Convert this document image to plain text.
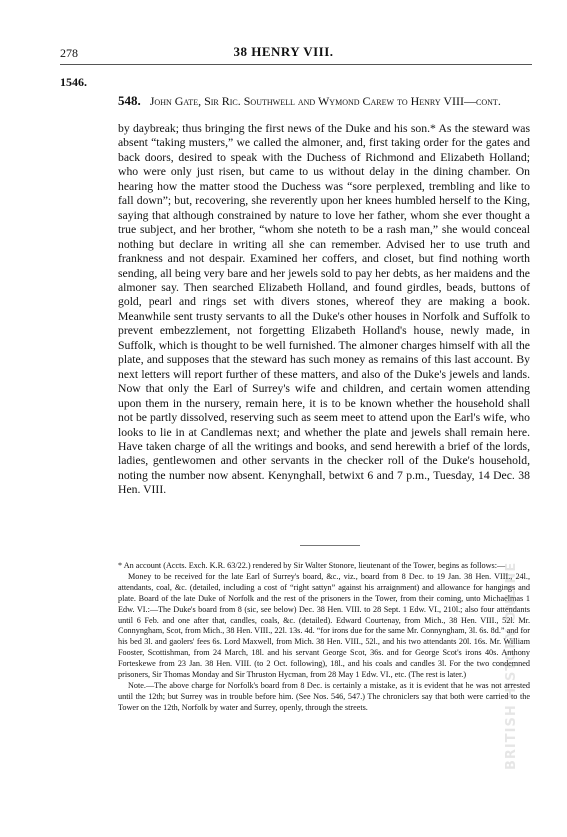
278	38 HENRY VIII.
1546.
548. John Gate, Sir Ric. Southwell and Wymond Carew to Henry VIII—cont.

by daybreak; thus bringing the first news of the Duke and his son.* As the steward was absent “taking musters,” we called the almoner, and, first taking order for the gates and back doors, desired to speak with the Duchess of Richmond and Elizabeth Holland; who were only just risen, but came to us without delay in the dining chamber. On hearing how the matter stood the Duchess was “sore perplexed, trembling and like to fall down”; but, recovering, she reverently upon her knees humbled herself to the King, saying that although constrained by nature to love her father, whom she ever thought a true subject, and her brother, “whom she noteth to be a rash man,” she would conceal nothing but declare in writing all she can remember. Advised her to use truth and frankness and not despair. Examined her coffers, and closet, but find nothing worth sending, all being very bare and her jewels sold to pay her debts, as her maidens and the almoner say. Then searched Elizabeth Holland, and found girdles, beads, buttons of gold, pearl and rings set with divers stones, whereof they are making a book. Meanwhile sent trusty servants to all the Duke's other houses in Norfolk and Suffolk to prevent embezzlement, not forgetting Elizabeth Holland's house, newly made, in Suffolk, which is thought to be well furnished. The almoner charges himself with all the plate, and supposes that the steward has such money as remains of this last account. By next letters will report further of these matters, and also of the Duke's jewels and lands. Now that only the Earl of Surrey's wife and children, and certain women attending upon them in the nursery, remain here, it is to be known whether the household shall not be partly dissolved, reserving such as seem meet to attend upon the Earl's wife, who looks to lie in at Candlemas next; and whether the plate and jewels shall remain here. Have taken charge of all the writings and books, and send herewith a brief of the lords, ladies, gentlewomen and other servants in the checker roll of the Duke's household, noting the number now absent. Kenynghall, betwixt 6 and 7 p.m., Tuesday, 14 Dec. 38 Hen. VIII.

* An account (Accts. Exch. K.R. 63/22.) rendered by Sir Walter Stonore, lieutenant of the Tower, begins as follows:—

Money to be received for the late Earl of Surrey's board, &c., viz., board from 8 Dec. to 19 Jan. 38 Hen. VIII., 24l., attendants, coal, &c. (detailed, including a cost of “right sattyn” against his arraignment) and allowance for hangings and plate. Board of the late Duke of Norfolk and the rest of the prisoners in the Tower, from their coming, unto Michaelmas 1 Edw. VI.:—The Duke's board from 8 (sic, see below) Dec. 38 Hen. VIII. to 28 Sept. 1 Edw. VI., 210l.; also four attendants until 6 Feb. and one after that, candles, coals, &c. (detailed). Edward Courtenay, from Mich., 38 Hen. VIII., 52l. Mr. Connyngham, Scot, from Mich., 38 Hen. VIII., 22l. 13s. 4d. “for irons due for the same Mr. Connyngham, 3l. 6s. 8d.” and for his bed 3l. and gaolers' fees 6s. Lord Maxwell, from Mich. 38 Hen. VIII., 52l., and his two attendants 20l. 16s. Mr. William Fooster, Scottishman, from 24 March, 18l. and his servant George Scot, 36s. and for George Scot's irons 40s. Anthony Forteskewe from 23 Jan. 38 Hen. VIII. (to 2 Oct. following), 18l., and his coals and candles 3l. For the two condemned prisoners, Sir Thomas Monday and Sir Thruston Hycman, from 28 May 1 Edw. VI., etc. (The rest is later.)

Note.—The above charge for Norfolk's board from 8 Dec. is certainly a mistake, as it is evident that he was not arrested until the 12th; but Surrey was in trouble before him. (See Nos. 546, 547.) The chroniclers say that both were carried to the Tower on the 12th, Norfolk by water and Surrey, openly, through the streets.	BRITISH HISTORY ONLINE
